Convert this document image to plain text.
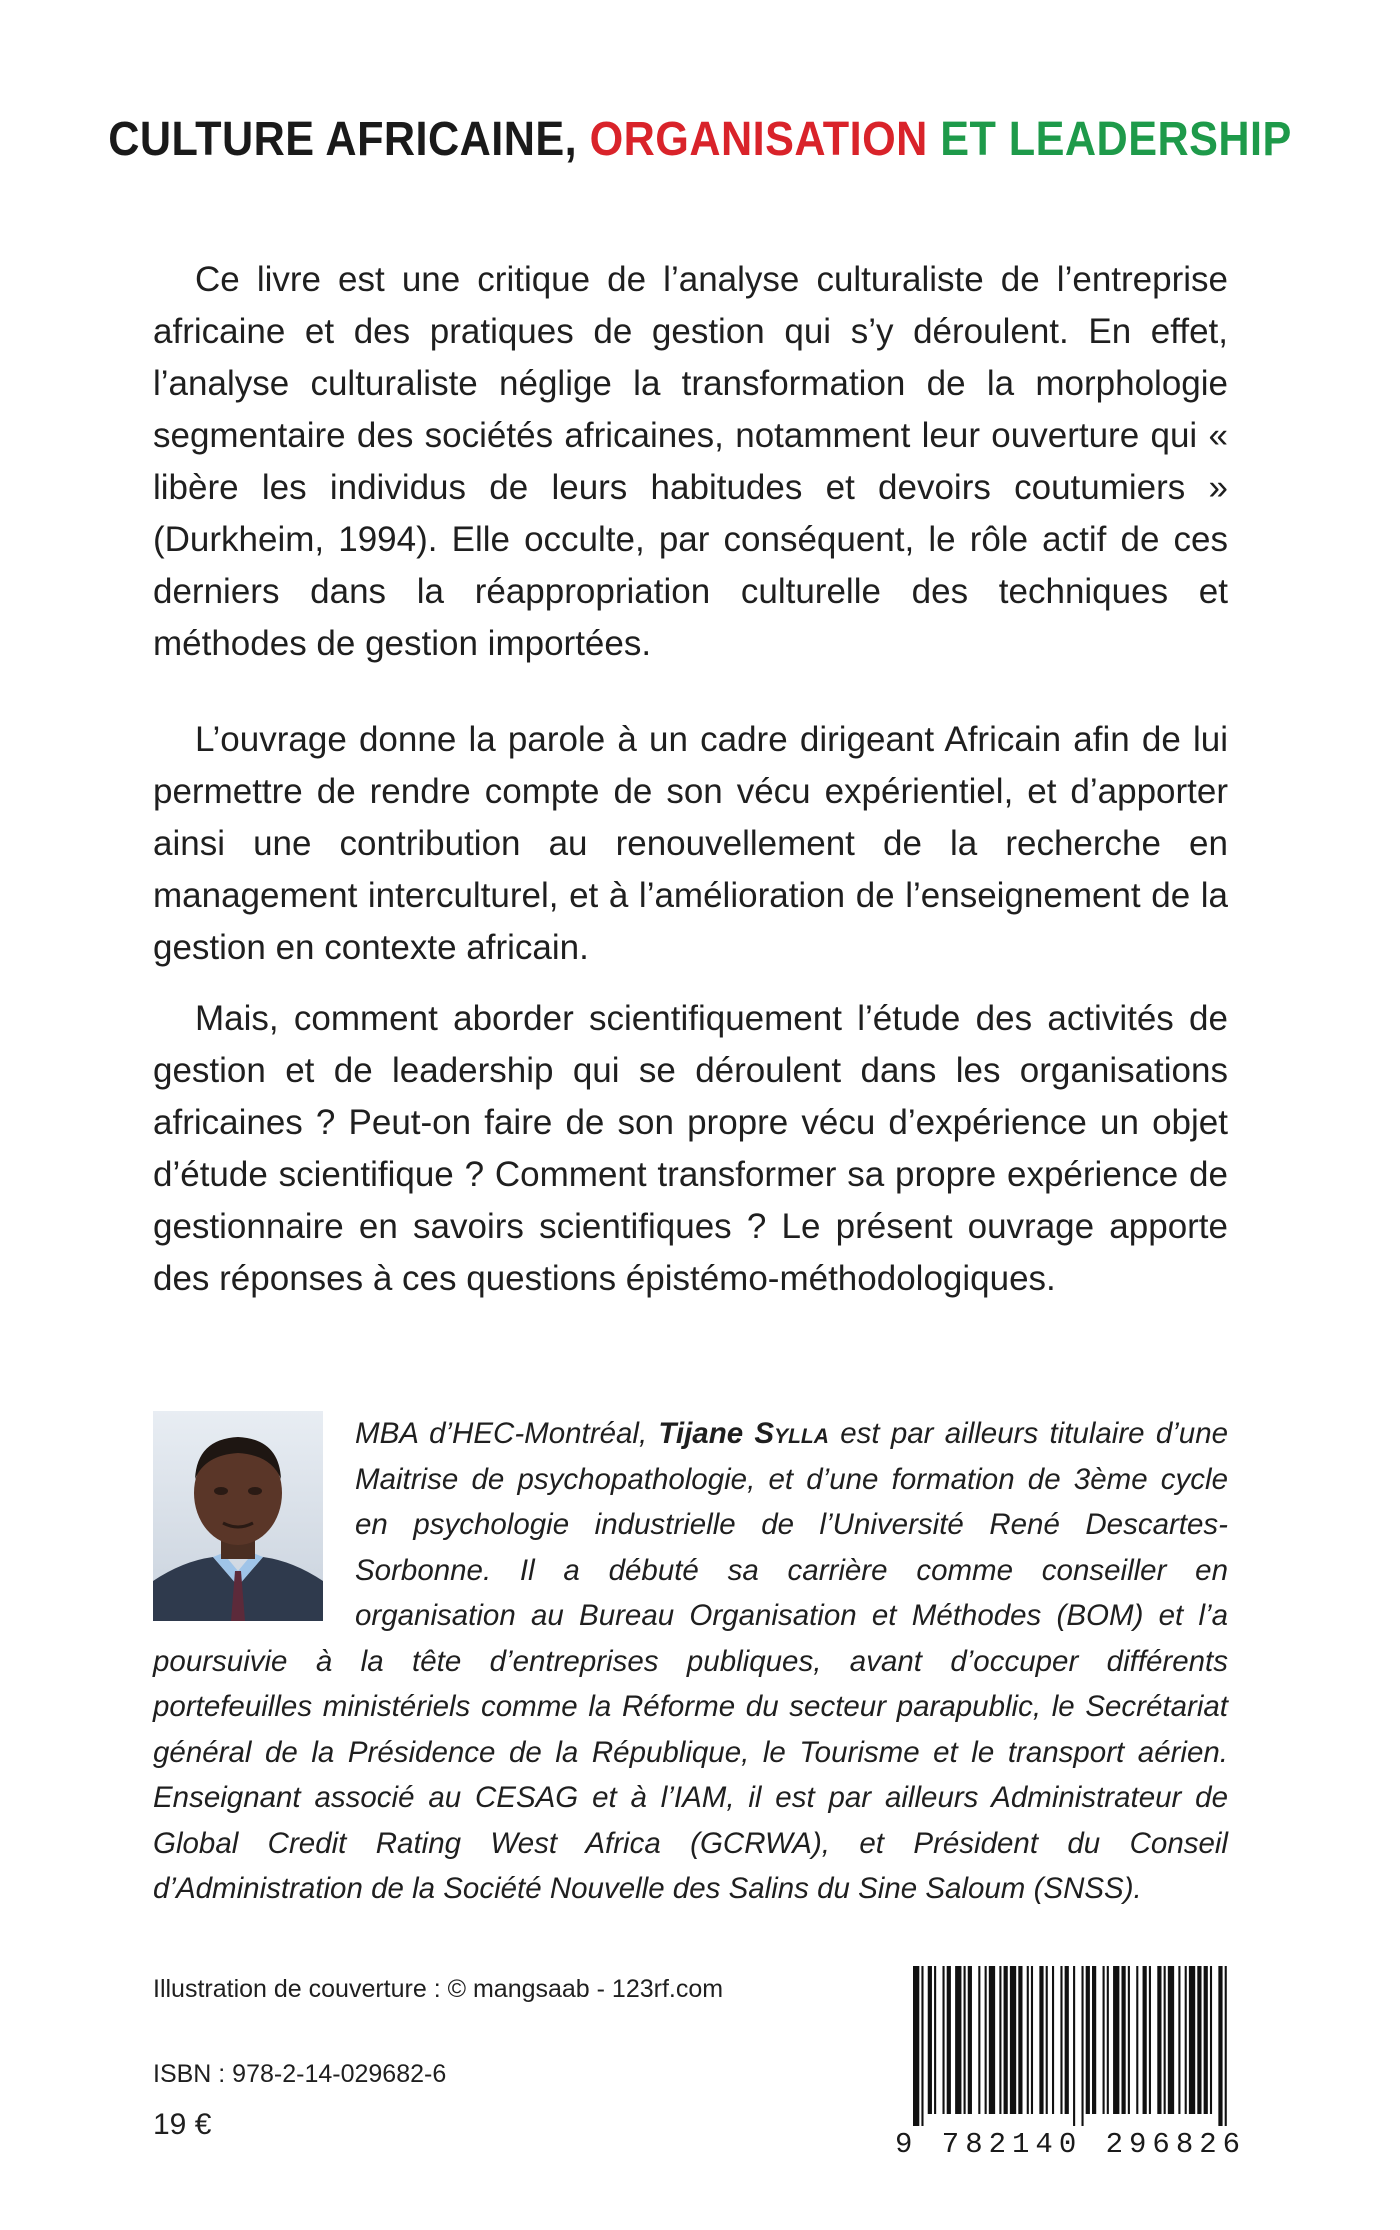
CULTURE AFRICAINE, ORGANISATION ET LEADERSHIP

Ce livre est une critique de l’analyse culturaliste de l’entreprise africaine et des pratiques de gestion qui s’y déroulent. En effet, l’analyse culturaliste néglige la transformation de la morphologie segmentaire des sociétés africaines, notamment leur ouverture qui « libère les individus de leurs habitudes et devoirs coutumiers » (Durkheim, 1994). Elle occulte, par conséquent, le rôle actif de ces derniers dans la réappropriation culturelle des techniques et méthodes de gestion importées.

L’ouvrage donne la parole à un cadre dirigeant Africain afin de lui permettre de rendre compte de son vécu expérientiel, et d’apporter ainsi une contribution au renouvellement de la recherche en management interculturel, et à l’amélioration de l’enseignement de la gestion en contexte africain.

Mais, comment aborder scientifiquement l’étude des activités de gestion et de leadership qui se déroulent dans les organisations africaines ? Peut-on faire de son propre vécu d’expérience un objet d’étude scientifique ? Comment transformer sa propre expérience de gestionnaire en savoirs scientifiques ? Le présent ouvrage apporte des réponses à ces questions épistémo-méthodologiques.

MBA d’HEC-Montréal, Tijane Sylla est par ailleurs titulaire d’une Maitrise de psychopathologie, et d’une formation de 3ème cycle en psychologie industrielle de l’Université René Descartes-Sorbonne. Il a débuté sa carrière comme conseiller en organisation au Bureau Organisation et Méthodes (BOM) et l’a poursuivie à la tête d’entreprises publiques, avant d’occuper différents portefeuilles ministériels comme la Réforme du secteur parapublic, le Secrétariat général de la Présidence de la République, le Tourisme et le transport aérien. Enseignant associé au CESAG et à l’IAM, il est par ailleurs Administrateur de Global Credit Rating West Africa (GCRWA), et Président du Conseil d’Administration de la Société Nouvelle des Salins du Sine Saloum (SNSS).
Illustration de couverture : © mangsaab - 123rf.com
ISBN : 978-2-14-029682-6
19 €
9 782140 296826
